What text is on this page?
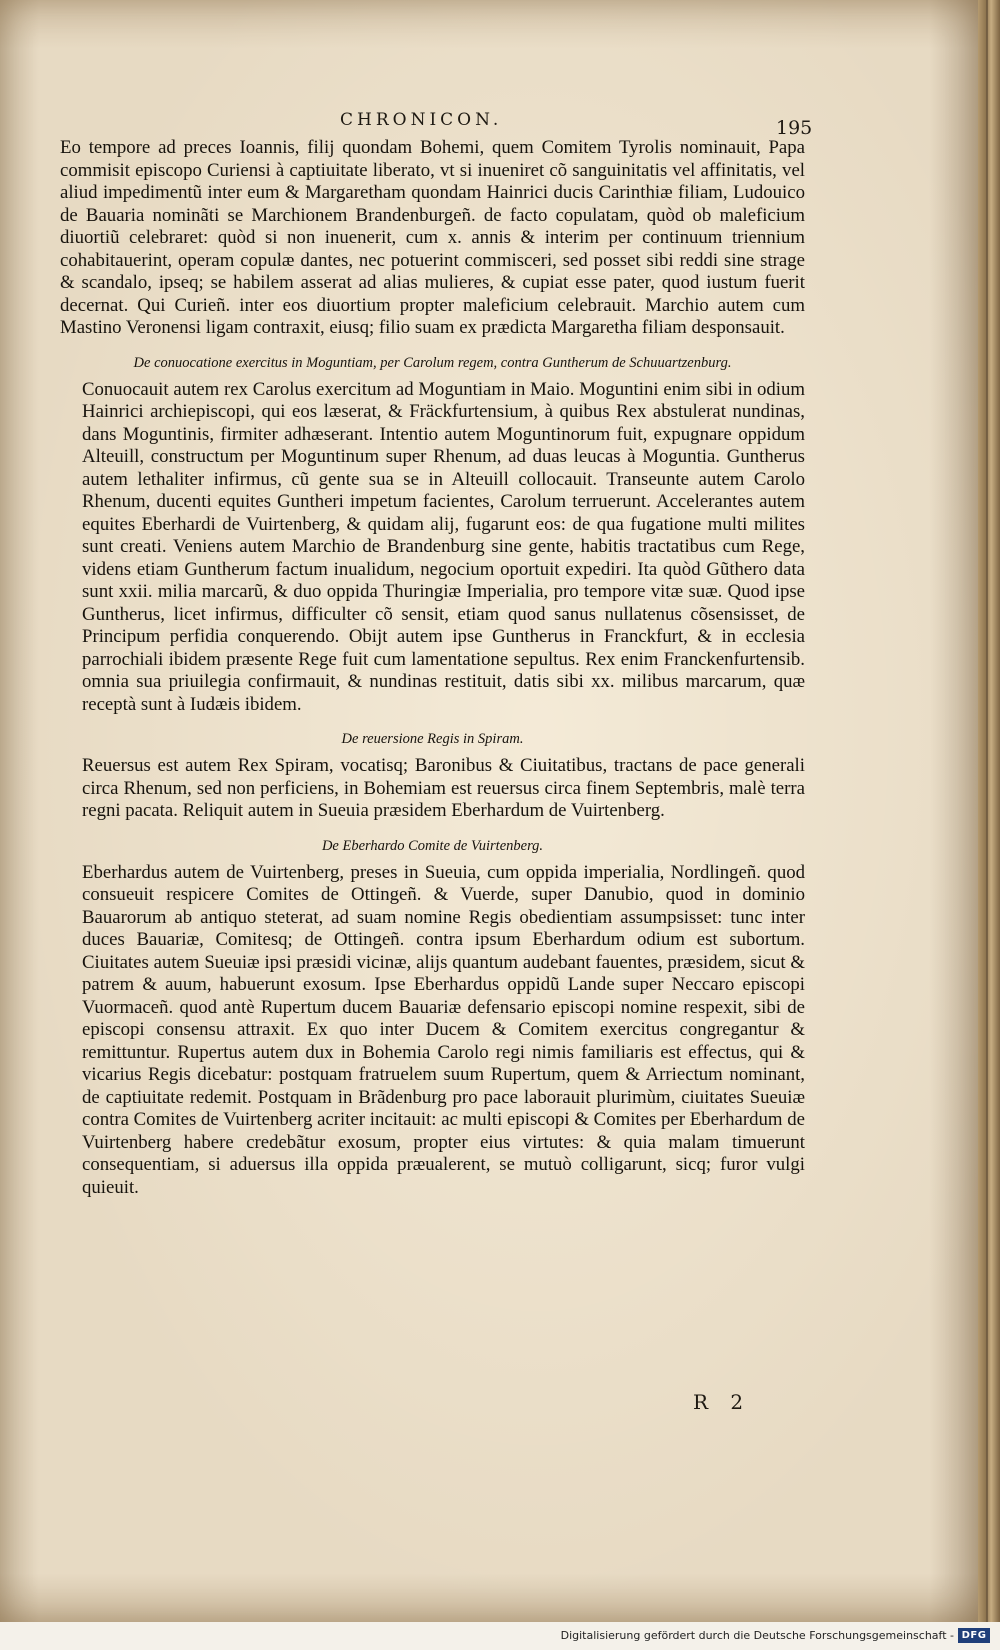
CHRONICON.	195

Eo tempore ad preces Ioannis, filij quondam Bohemi, quem Comitem Tyrolis nominauit, Papa commisit episcopo Curiensi à captiuitate liberato, vt si inueniret cõ sanguinitatis vel affinitatis, vel aliud impedimentũ inter eum & Margaretham quondam Hainrici ducis Carinthiæ filiam, Ludouico de Bauaria nominãti se Marchionem Brandenburgeñ. de facto copulatam, quòd ob maleficium diuortiũ celebraret: quòd si non inuenerit, cum x. annis & interim per continuum triennium cohabitauerint, operam copulæ dantes, nec potuerint commisceri, sed posset sibi reddi sine strage & scandalo, ipseq; se habilem asserat ad alias mulieres, & cupiat esse pater, quod iustum fuerit decernat. Qui Curieñ. inter eos diuortium propter maleficium celebrauit. Marchio autem cum Mastino Veronensi ligam contraxit, eiusq; filio suam ex prædicta Margaretha filiam desponsauit.

De conuocatione exercitus in Moguntiam, per Carolum regem, contra Guntherum de Schuuartzenburg.

Conuocauit autem rex Carolus exercitum ad Moguntiam in Maio. Moguntini enim sibi in odium Hainrici archiepiscopi, qui eos læserat, & Fräckfurtensium, à quibus Rex abstulerat nundinas, dans Moguntinis, firmiter adhæserant. Intentio autem Moguntinorum fuit, expugnare oppidum Alteuill, constructum per Moguntinum super Rhenum, ad duas leucas à Moguntia. Guntherus autem lethaliter infirmus, cũ gente sua se in Alteuill collocauit. Transeunte autem Carolo Rhenum, ducenti equites Guntheri impetum facientes, Carolum terruerunt. Accelerantes autem equites Eberhardi de Vuirtenberg, & quidam alij, fugarunt eos: de qua fugatione multi milites sunt creati. Veniens autem Marchio de Brandenburg sine gente, habitis tractatibus cum Rege, videns etiam Guntherum factum inualidum, negocium oportuit expediri. Ita quòd Gũthero data sunt xxii. milia marcarũ, & duo oppida Thuringiæ Imperialia, pro tempore vitæ suæ. Quod ipse Guntherus, licet infirmus, difficulter cõ sensit, etiam quod sanus nullatenus cõsensisset, de Principum perfidia conquerendo. Obijt autem ipse Guntherus in Franckfurt, & in ecclesia parrochiali ibidem præsente Rege fuit cum lamentatione sepultus. Rex enim Franckenfurtensib. omnia sua priuilegia confirmauit, & nundinas restituit, datis sibi xx. milibus marcarum, quæ receptà sunt à Iudæis ibidem.

De reuersione Regis in Spiram.

Reuersus est autem Rex Spiram, vocatisq; Baronibus & Ciuitatibus, tractans de pace generali circa Rhenum, sed non perficiens, in Bohemiam est reuersus circa finem Septembris, malè terra regni pacata. Reliquit autem in Sueuia præsidem Eberhardum de Vuirtenberg.

De Eberhardo Comite de Vuirtenberg.

Eberhardus autem de Vuirtenberg, preses in Sueuia, cum oppida imperialia, Nordlingeñ. quod consueuit respicere Comites de Ottingeñ. & Vuerde, super Danubio, quod in dominio Bauarorum ab antiquo steterat, ad suam nomine Regis obedientiam assumpsisset: tunc inter duces Bauariæ, Comitesq; de Ottingeñ. contra ipsum Eberhardum odium est subortum. Ciuitates autem Sueuiæ ipsi præsidi vicinæ, alijs quantum audebant fauentes, præsidem, sicut & patrem & auum, habuerunt exosum. Ipse Eberhardus oppidũ Lande super Neccaro episcopi Vuormaceñ. quod antè Rupertum ducem Bauariæ defensario episcopi nomine respexit, sibi de episcopi consensu attraxit. Ex quo inter Ducem & Comitem exercitus congregantur & remittuntur. Rupertus autem dux in Bohemia Carolo regi nimis familiaris est effectus, qui & vicarius Regis dicebatur: postquam fratruelem suum Rupertum, quem & Arriectum nominant, de captiuitate redemit. Postquam in Brãdenburg pro pace laborauit plurimùm, ciuitates Sueuiæ contra Comites de Vuirtenberg acriter incitauit: ac multi episcopi & Comites per Eberhardum de Vuirtenberg habere credebãtur exosum, propter eius virtutes: & quia malam timuerunt consequentiam, si aduersus illa oppida præualerent, se mutuò colligarunt, sicq; furor vulgi quieuit.

R 2
Digitalisierung gefördert durch die Deutsche Forschungsgemeinschaft - DFG
